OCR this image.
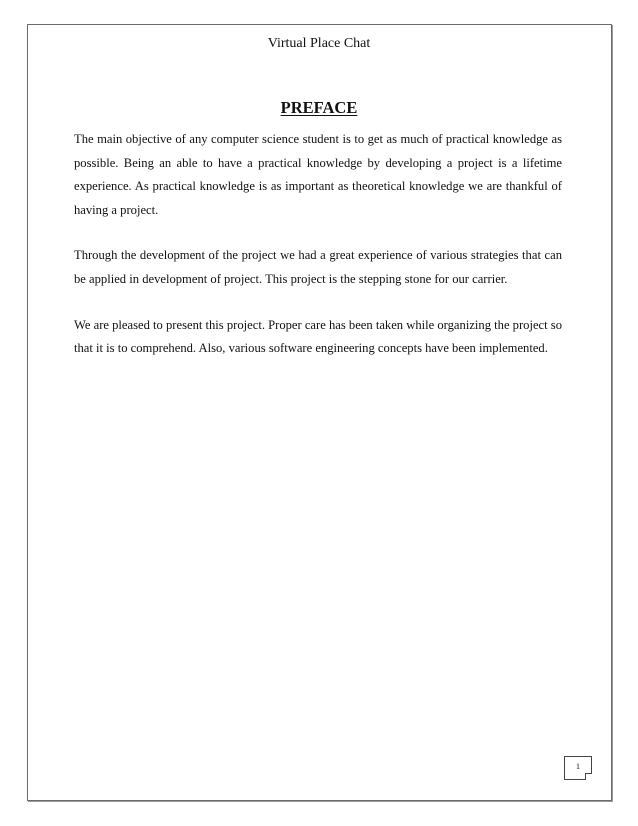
Virtual Place Chat
PREFACE

The main objective of any computer science student is to get as much of practical knowledge as possible. Being an able to have a practical knowledge by developing a project is a lifetime experience. As practical knowledge is as important as theoretical knowledge we are thankful of having a project.

Through the development of the project we had a great experience of various strategies that can be applied in development of project. This project is the stepping stone for our carrier.

We are pleased to present this project. Proper care has been taken while organizing the project so that it is to comprehend. Also, various software engineering concepts have been implemented.

1
